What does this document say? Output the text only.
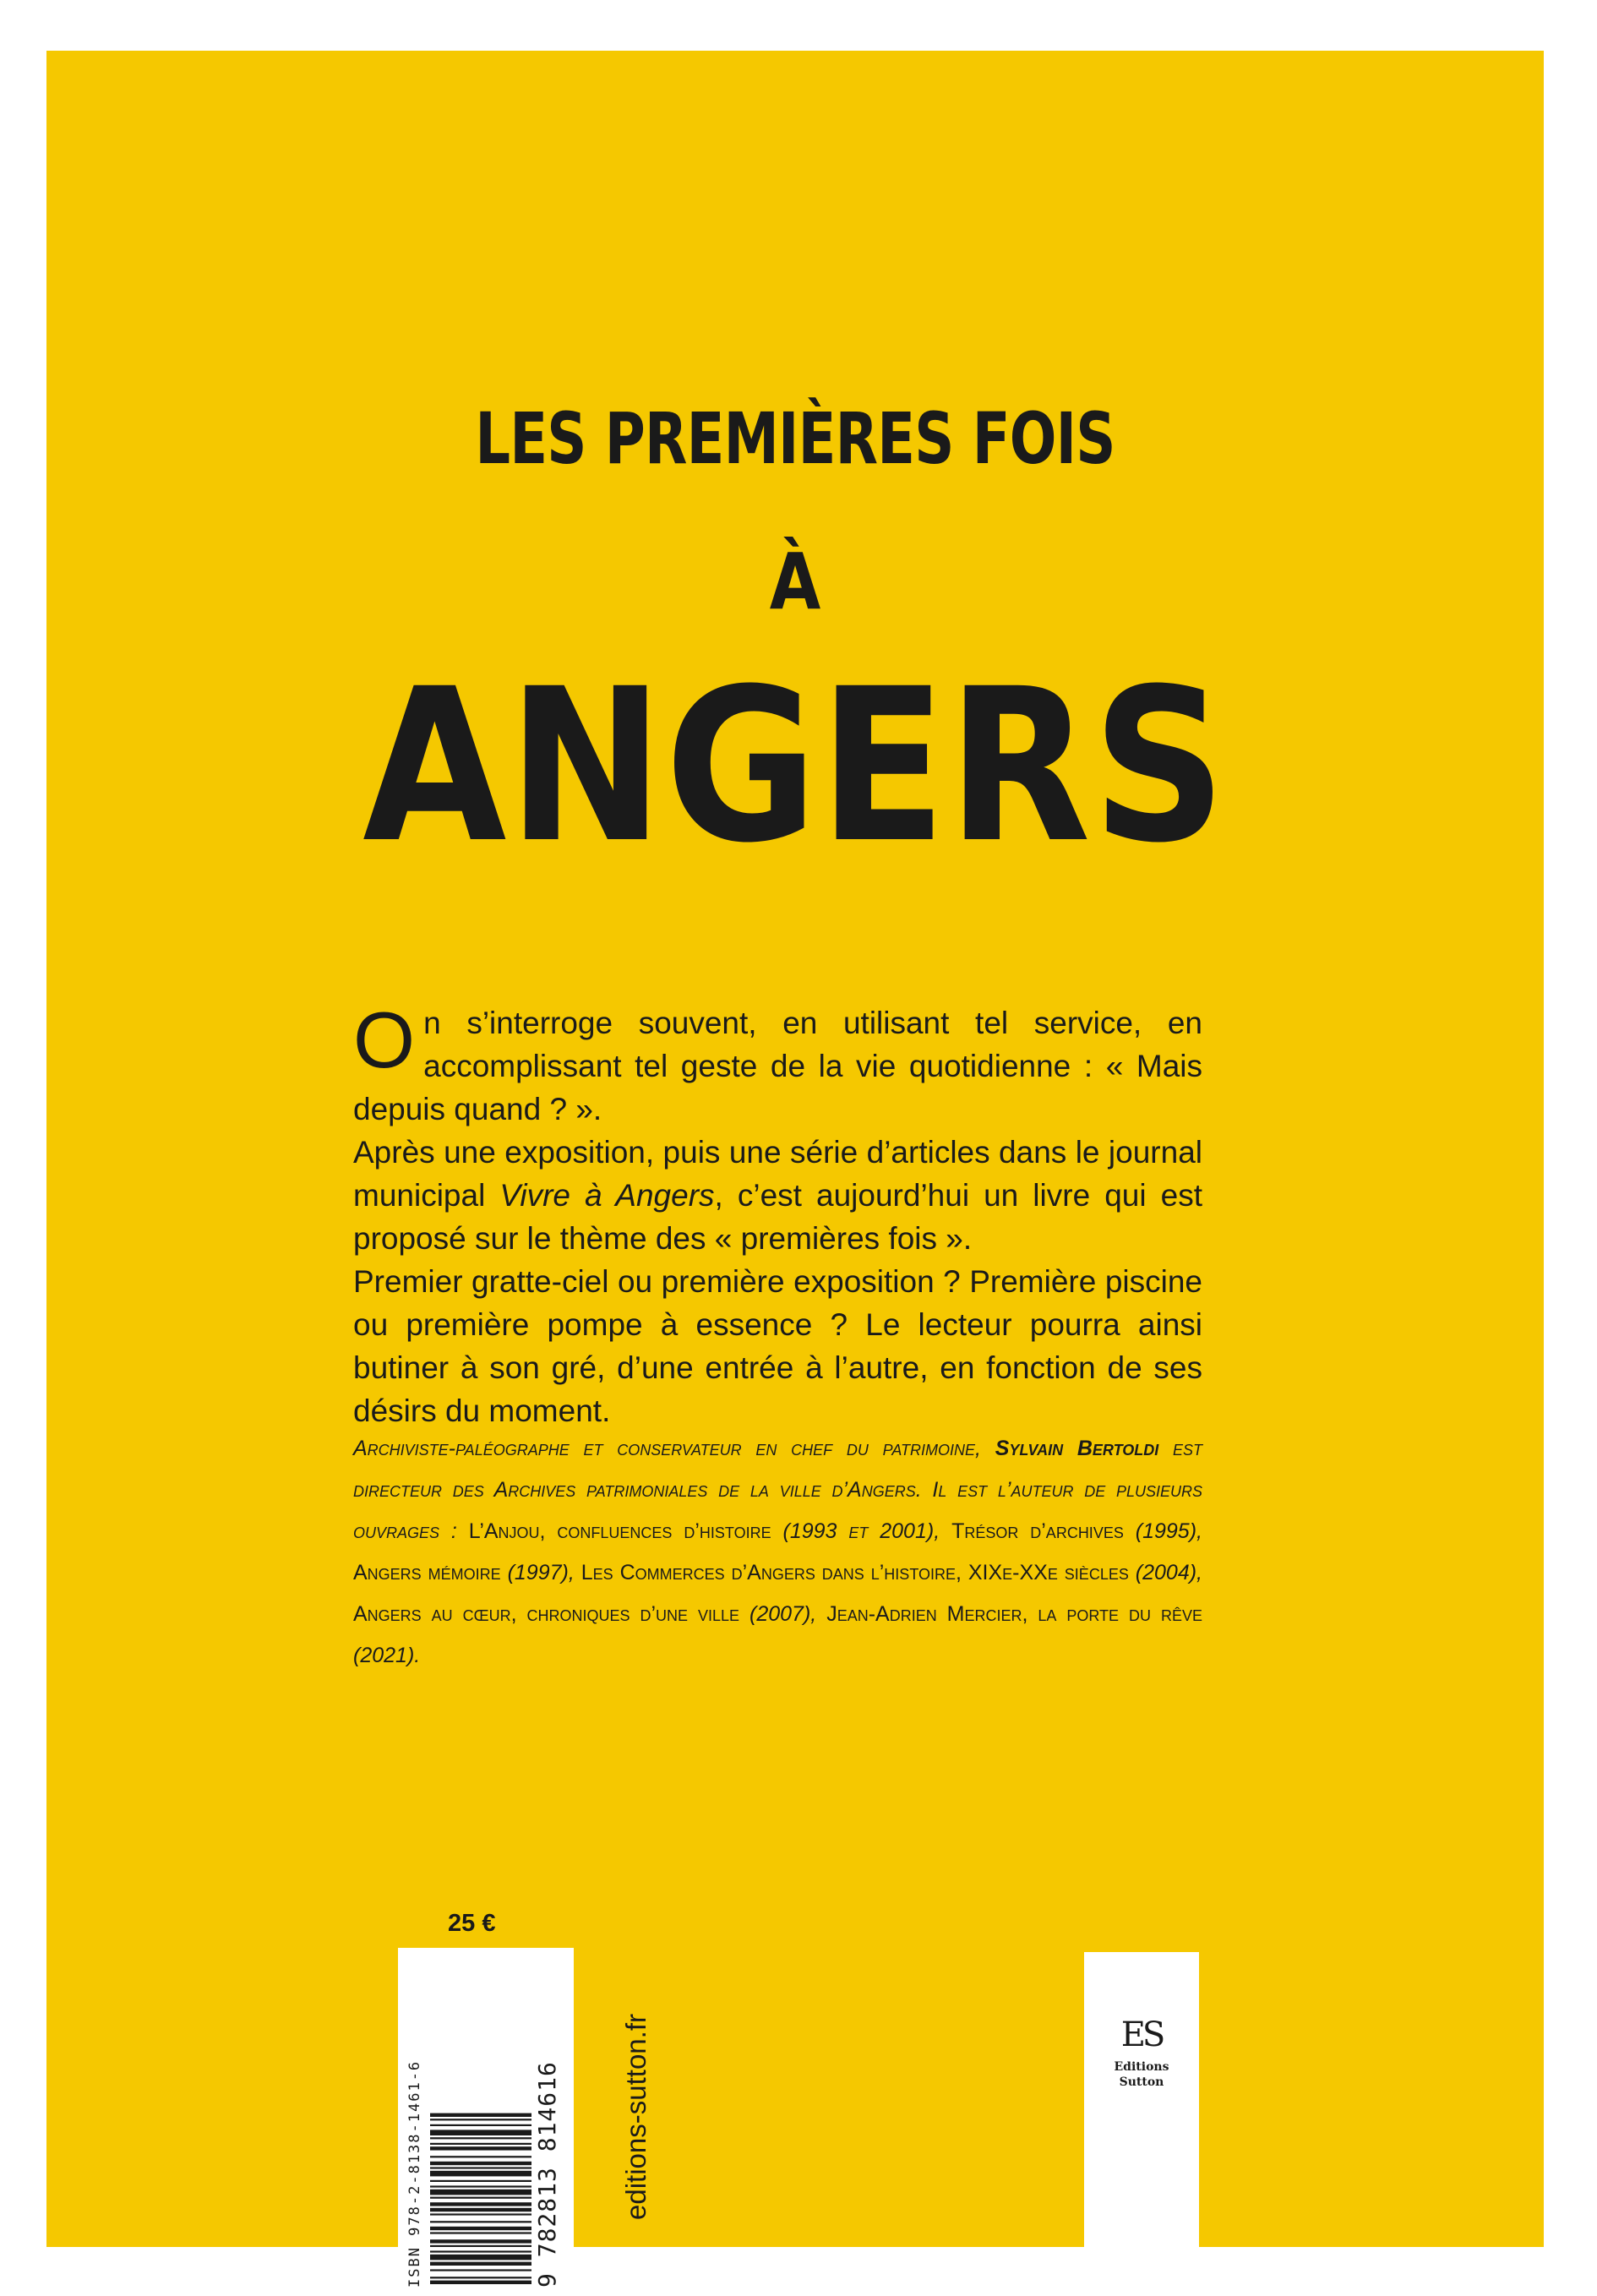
LES PREMIÈRES FOIS
À
ANGERS

On s’interroge souvent, en utilisant tel service, en accomplissant tel geste de la vie quotidienne : « Mais depuis quand ? ».

Après une exposition, puis une série d’articles dans le journal municipal Vivre à Angers, c’est aujourd’hui un livre qui est proposé sur le thème des « premières fois ».

Premier gratte-ciel ou première exposition ? Première piscine ou première pompe à essence ? Le lecteur pourra ainsi butiner à son gré, d’une entrée à l’autre, en fonction de ses désirs du moment.

Archiviste-paléographe et conservateur en chef du patrimoine, Sylvain Bertoldi est directeur des Archives patrimoniales de la ville d’Angers. Il est l’auteur de plusieurs ouvrages : L’Anjou, confluences d’histoire (1993 et 2001), Trésor d’archives (1995), Angers mémoire (1997), Les Commerces d’Angers dans l’histoire, XIXe-XXe siècles (2004), Angers au cœur, chroniques d’une ville (2007), Jean-Adrien Mercier, la porte du rêve (2021).
25 €
ISBN 978-2-8138-1461-6	9 782813 814616 editions-sutton.fr	ES
Editions
Sutton
